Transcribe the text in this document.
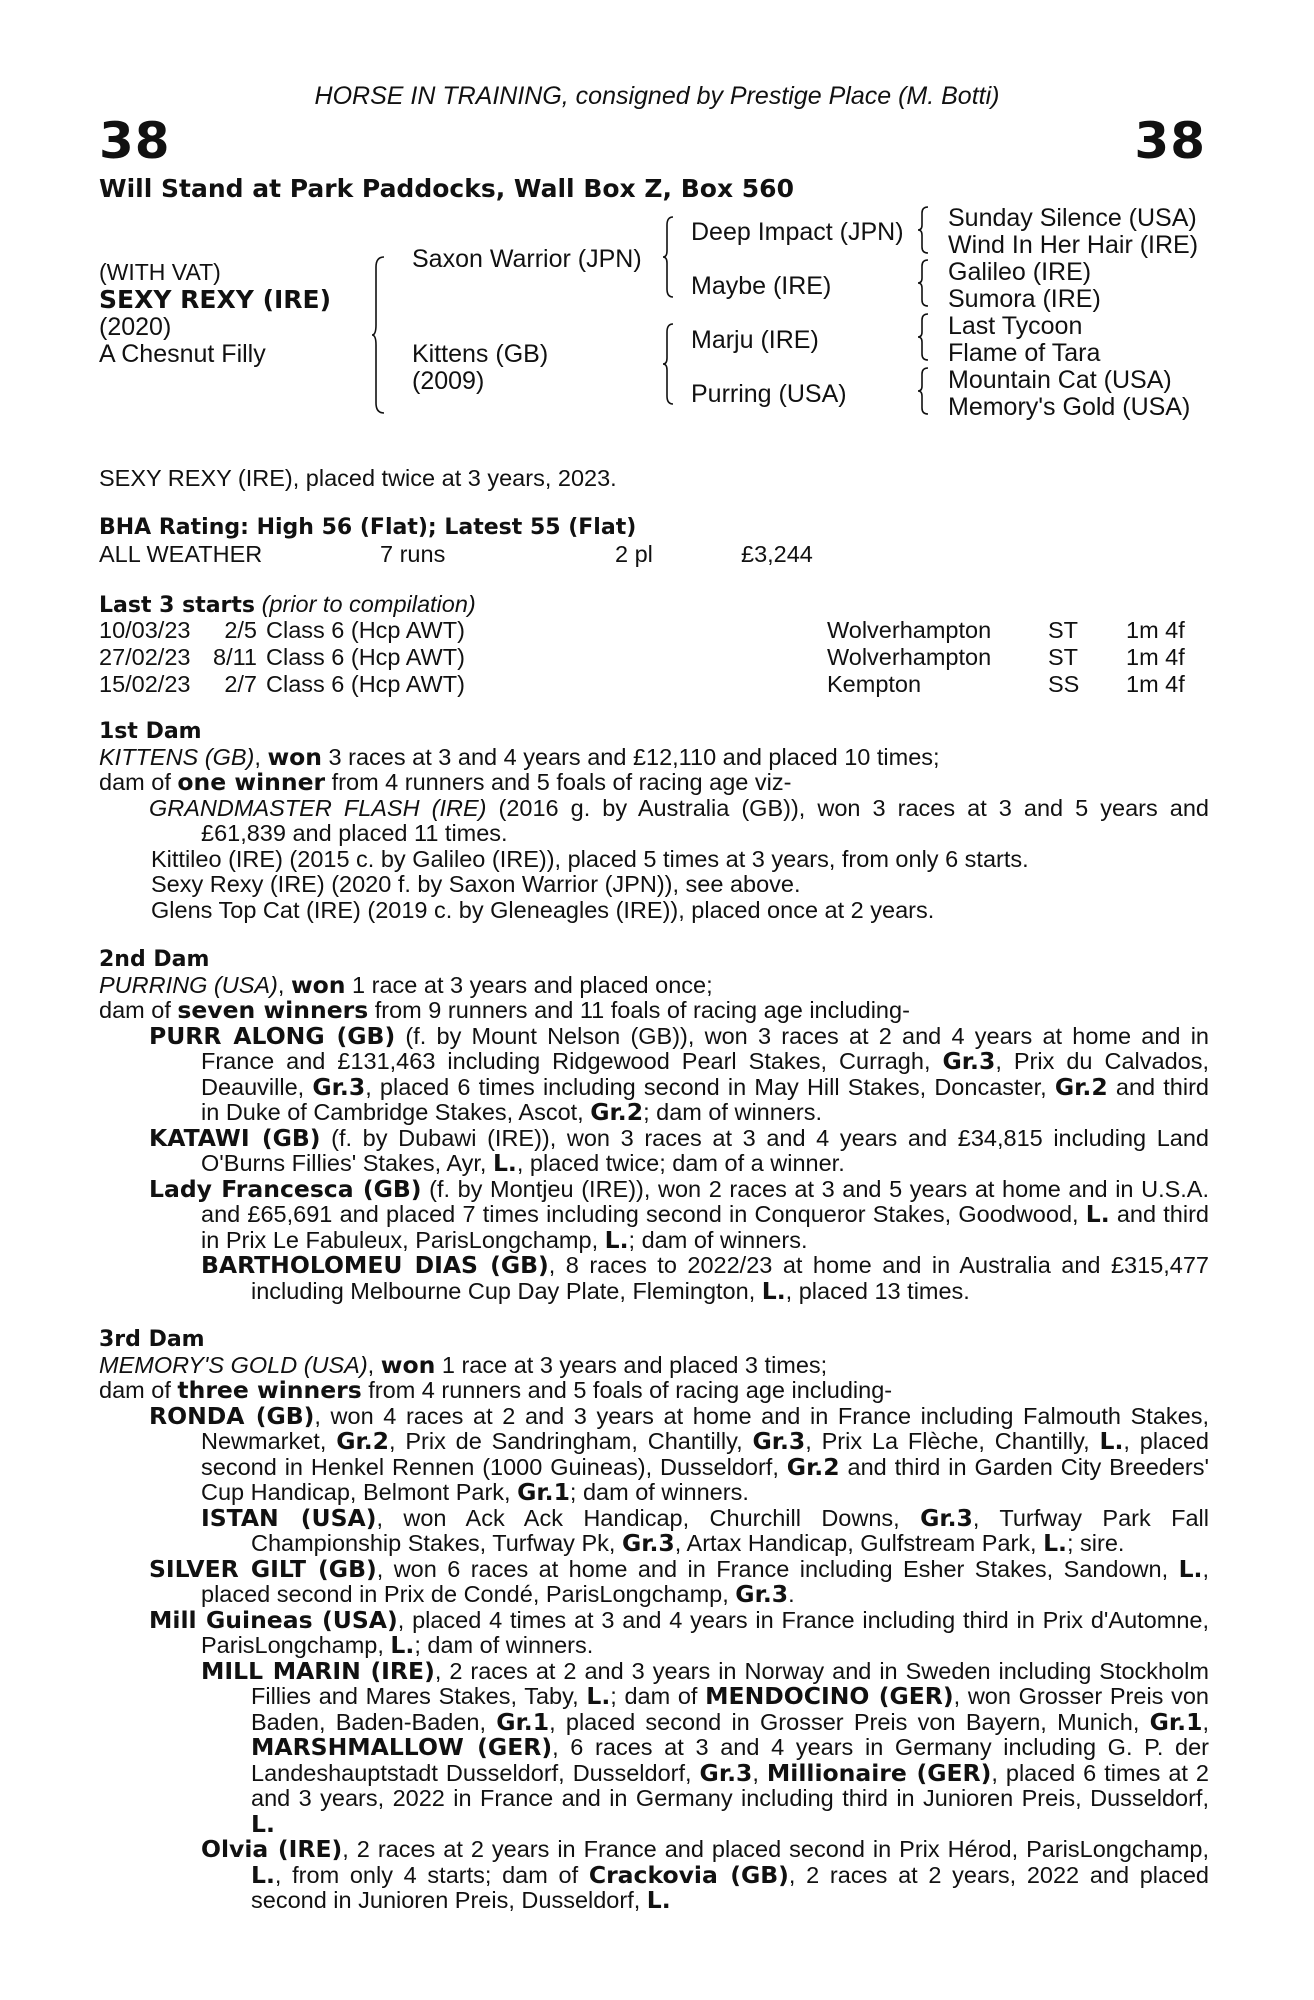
HORSE IN TRAINING, consigned by Prestige Place (M. Botti)
38	38
Will Stand at Park Paddocks, Wall Box Z, Box 560
(WITH VAT)
SEXY REXY (IRE)
(2020)
A Chesnut Filly
Saxon Warrior (JPN)
Kittens (GB)
(2009)
Deep Impact (JPN)
Maybe (IRE)
Marju (IRE)
Purring (USA)
Sunday Silence (USA)
Wind In Her Hair (IRE)
Galileo (IRE)
Sumora (IRE)
Last Tycoon
Flame of Tara
Mountain Cat (USA)
Memory's Gold (USA)
SEXY REXY (IRE), placed twice at 3 years, 2023.
BHA Rating: High 56 (Flat); Latest 55 (Flat)
ALL WEATHER	7 runs	2 pl	£3,244
Last 3 starts (prior to compilation)
10/03/23	2/5	Class 6 (Hcp AWT)	Wolverhampton	ST	1m 4f
27/02/23	8/11	Class 6 (Hcp AWT)	Wolverhampton	ST	1m 4f
15/02/23	2/7	Class 6 (Hcp AWT)	Kempton	SS	1m 4f

1st Dam

KITTENS (GB), won 3 races at 3 and 4 years and £12,110 and placed 10 times;

dam of one winner from 4 runners and 5 foals of racing age viz-

GRANDMASTER FLASH (IRE) (2016 g. by Australia (GB)), won 3 races at 3 and 5 years and £61,839 and placed 11 times.

Kittileo (IRE) (2015 c. by Galileo (IRE)), placed 5 times at 3 years, from only 6 starts.

Sexy Rexy (IRE) (2020 f. by Saxon Warrior (JPN)), see above.

Glens Top Cat (IRE) (2019 c. by Gleneagles (IRE)), placed once at 2 years.

2nd Dam

PURRING (USA), won 1 race at 3 years and placed once;

dam of seven winners from 9 runners and 11 foals of racing age including-

PURR ALONG (GB) (f. by Mount Nelson (GB)), won 3 races at 2 and 4 years at home and in France and £131,463 including Ridgewood Pearl Stakes, Curragh, Gr.3, Prix du Calvados, Deauville, Gr.3, placed 6 times including second in May Hill Stakes, Doncaster, Gr.2 and third in Duke of Cambridge Stakes, Ascot, Gr.2; dam of winners.

KATAWI (GB) (f. by Dubawi (IRE)), won 3 races at 3 and 4 years and £34,815 including Land O'Burns Fillies' Stakes, Ayr, L., placed twice; dam of a winner.

Lady Francesca (GB) (f. by Montjeu (IRE)), won 2 races at 3 and 5 years at home and in U.S.A. and £65,691 and placed 7 times including second in Conqueror Stakes, Goodwood, L. and third in Prix Le Fabuleux, ParisLongchamp, L.; dam of winners.

BARTHOLOMEU DIAS (GB), 8 races to 2022/23 at home and in Australia and £315,477 including Melbourne Cup Day Plate, Flemington, L., placed 13 times.

3rd Dam

MEMORY'S GOLD (USA), won 1 race at 3 years and placed 3 times;

dam of three winners from 4 runners and 5 foals of racing age including-

RONDA (GB), won 4 races at 2 and 3 years at home and in France including Falmouth Stakes, Newmarket, Gr.2, Prix de Sandringham, Chantilly, Gr.3, Prix La Flèche, Chantilly, L., placed second in Henkel Rennen (1000 Guineas), Dusseldorf, Gr.2 and third in Garden City Breeders' Cup Handicap, Belmont Park, Gr.1; dam of winners.

ISTAN (USA), won Ack Ack Handicap, Churchill Downs, Gr.3, Turfway Park Fall Championship Stakes, Turfway Pk, Gr.3, Artax Handicap, Gulfstream Park, L.; sire.

SILVER GILT (GB), won 6 races at home and in France including Esher Stakes, Sandown, L., placed second in Prix de Condé, ParisLongchamp, Gr.3.

Mill Guineas (USA), placed 4 times at 3 and 4 years in France including third in Prix d'Automne, ParisLongchamp, L.; dam of winners.

MILL MARIN (IRE), 2 races at 2 and 3 years in Norway and in Sweden including Stockholm Fillies and Mares Stakes, Taby, L.; dam of MENDOCINO (GER), won Grosser Preis von Baden, Baden-Baden, Gr.1, placed second in Grosser Preis von Bayern, Munich, Gr.1, MARSHMALLOW (GER), 6 races at 3 and 4 years in Germany including G. P. der Landeshauptstadt Dusseldorf, Dusseldorf, Gr.3, Millionaire (GER), placed 6 times at 2 and 3 years, 2022 in France and in Germany including third in Junioren Preis, Dusseldorf, L.

Olvia (IRE), 2 races at 2 years in France and placed second in Prix Hérod, ParisLongchamp, L., from only 4 starts; dam of Crackovia (GB), 2 races at 2 years, 2022 and placed second in Junioren Preis, Dusseldorf, L.
